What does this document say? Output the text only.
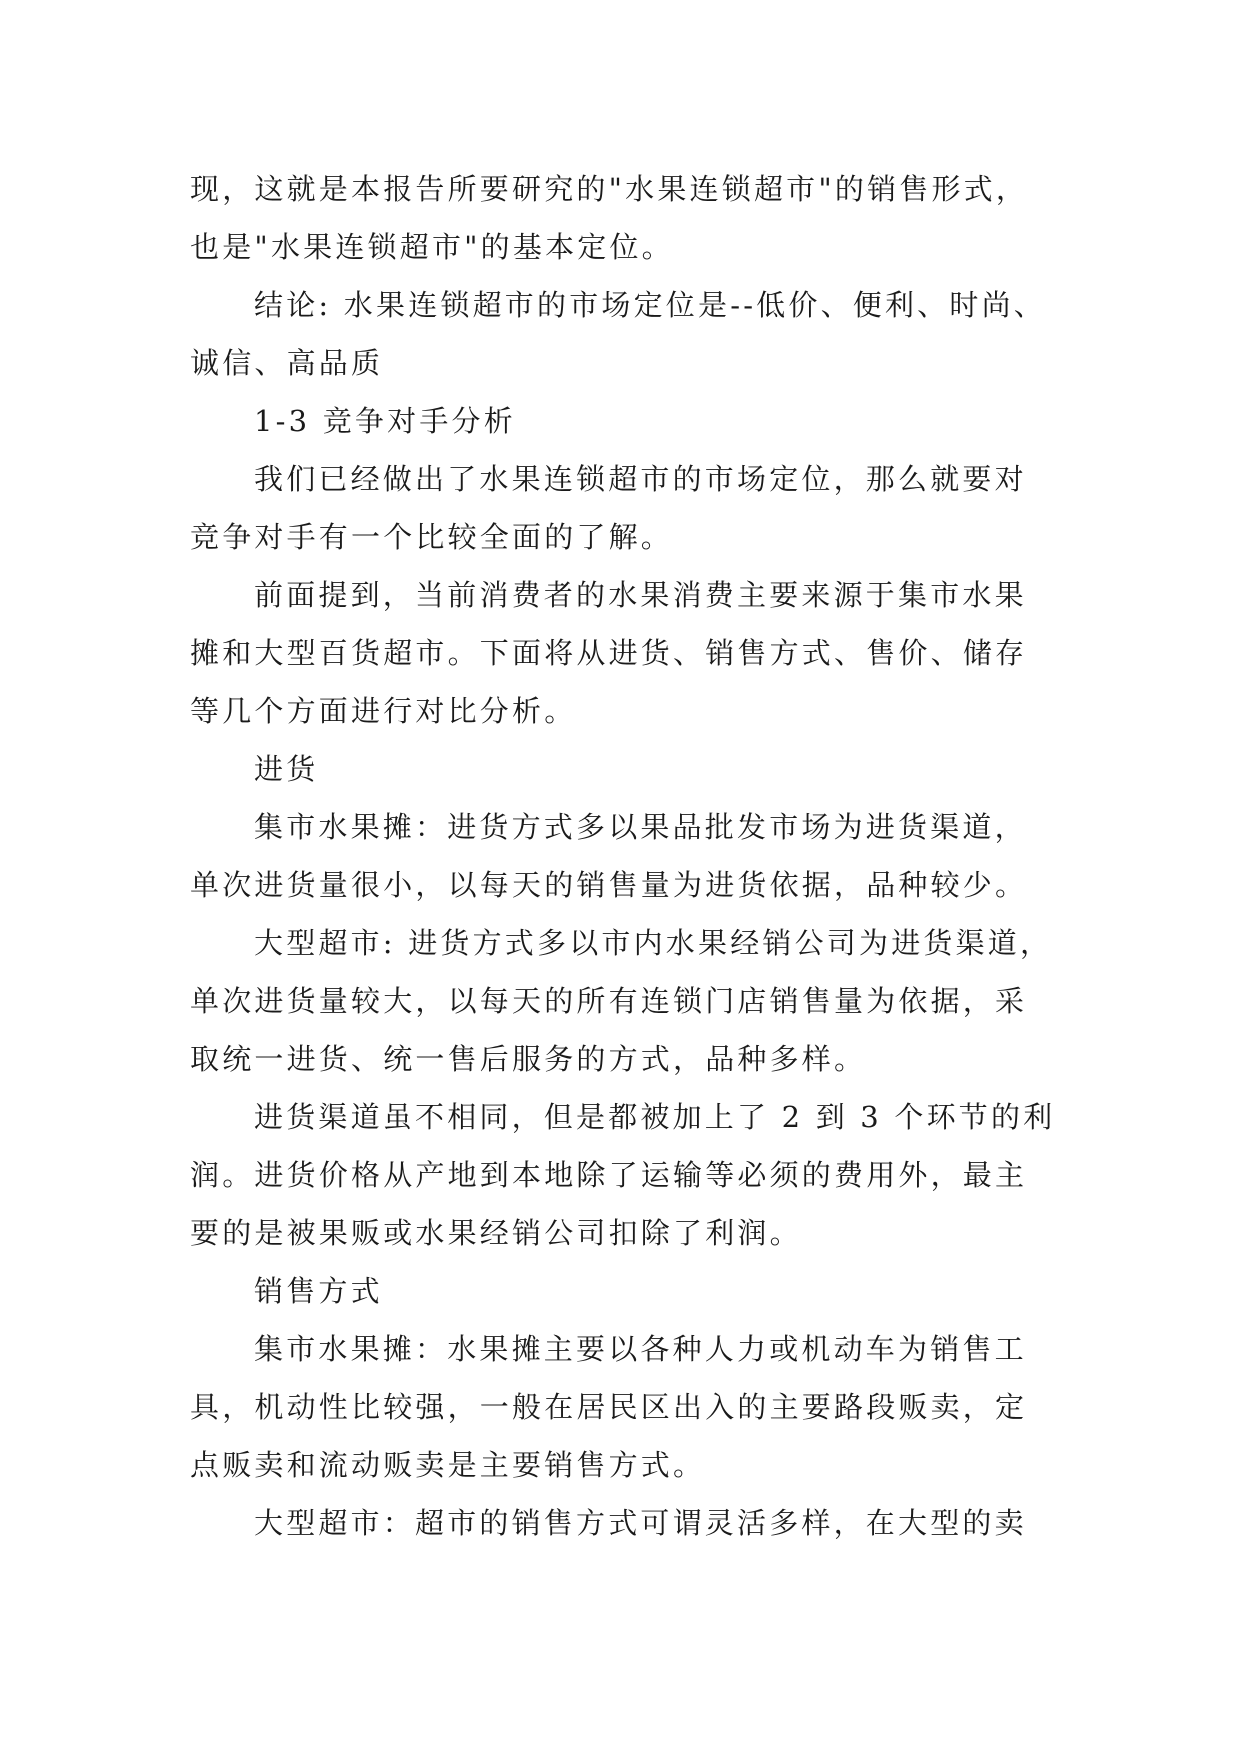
现，这就是本报告所要研究的"水果连锁超市"的销售形式，
也是"水果连锁超市"的基本定位。
结论: 水果连锁超市的市场定位是--低价、便利、时尚、
诚信、高品质
1-3 竞争对手分析
我们已经做出了水果连锁超市的市场定位，那么就要对
竞争对手有一个比较全面的了解。
前面提到，当前消费者的水果消费主要来源于集市水果
摊和大型百货超市。下面将从进货、销售方式、售价、储存
等几个方面进行对比分析。
进货
集市水果摊：进货方式多以果品批发市场为进货渠道，
单次进货量很小，以每天的销售量为进货依据，品种较少。
大型超市: 进货方式多以市内水果经销公司为进货渠道，
单次进货量较大，以每天的所有连锁门店销售量为依据，采
取统一进货、统一售后服务的方式，品种多样。
进货渠道虽不相同，但是都被加上了 2 到 3 个环节的利
润。进货价格从产地到本地除了运输等必须的费用外，最主
要的是被果贩或水果经销公司扣除了利润。
销售方式
集市水果摊：水果摊主要以各种人力或机动车为销售工
具，机动性比较强，一般在居民区出入的主要路段贩卖，定
点贩卖和流动贩卖是主要销售方式。
大型超市：超市的销售方式可谓灵活多样，在大型的卖
